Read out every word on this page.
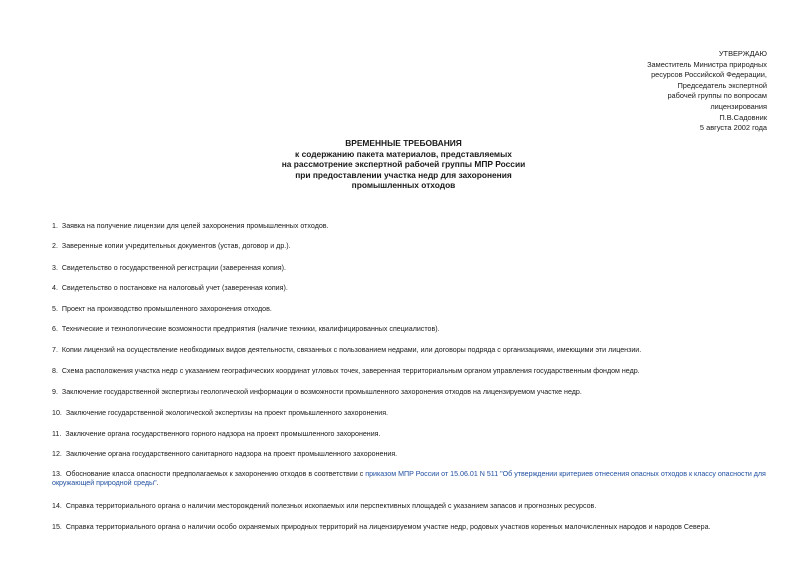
УТВЕРЖДАЮ
Заместитель Министра природных
ресурсов Российской Федерации,
Председатель экспертной
рабочей группы по вопросам
лицензирования
П.В.Садовник
5 августа 2002 года
ВРЕМЕННЫЕ ТРЕБОВАНИЯ
к содержанию пакета материалов, представляемых
на рассмотрение экспертной рабочей группы МПР России
при предоставлении участка недр для захоронения
промышленных отходов
1. Заявка на получение лицензии для целей захоронения промышленных отходов.
2. Заверенные копии учредительных документов (устав, договор и др.).
3. Свидетельство о государственной регистрации (заверенная копия).
4. Свидетельство о постановке на налоговый учет (заверенная копия).
5. Проект на производство промышленного захоронения отходов.
6. Технические и технологические возможности предприятия (наличие техники, квалифицированных специалистов).
7. Копии лицензий на осуществление необходимых видов деятельности, связанных с пользованием недрами, или договоры подряда с организациями, имеющими эти лицензии.
8. Схема расположения участка недр с указанием географических координат угловых точек, заверенная территориальным органом управления государственным фондом недр.
9. Заключение государственной экспертизы геологической информации о возможности промышленного захоронения отходов на лицензируемом участке недр.
10. Заключение государственной экологической экспертизы на проект промышленного захоронения.
11. Заключение органа государственного горного надзора на проект промышленного захоронения.
12. Заключение органа государственного санитарного надзора на проект промышленного захоронения.
13. Обоснование класса опасности предполагаемых к захоронению отходов в соответствии с приказом МПР России от 15.06.01 N 511 "Об утверждении критериев отнесения опасных отходов к классу опасности для окружающей природной среды".
14. Справка территориального органа о наличии месторождений полезных ископаемых или перспективных площадей с указанием запасов и прогнозных ресурсов.
15. Справка территориального органа о наличии особо охраняемых природных территорий на лицензируемом участке недр, родовых участков коренных малочисленных народов и народов Севера.
